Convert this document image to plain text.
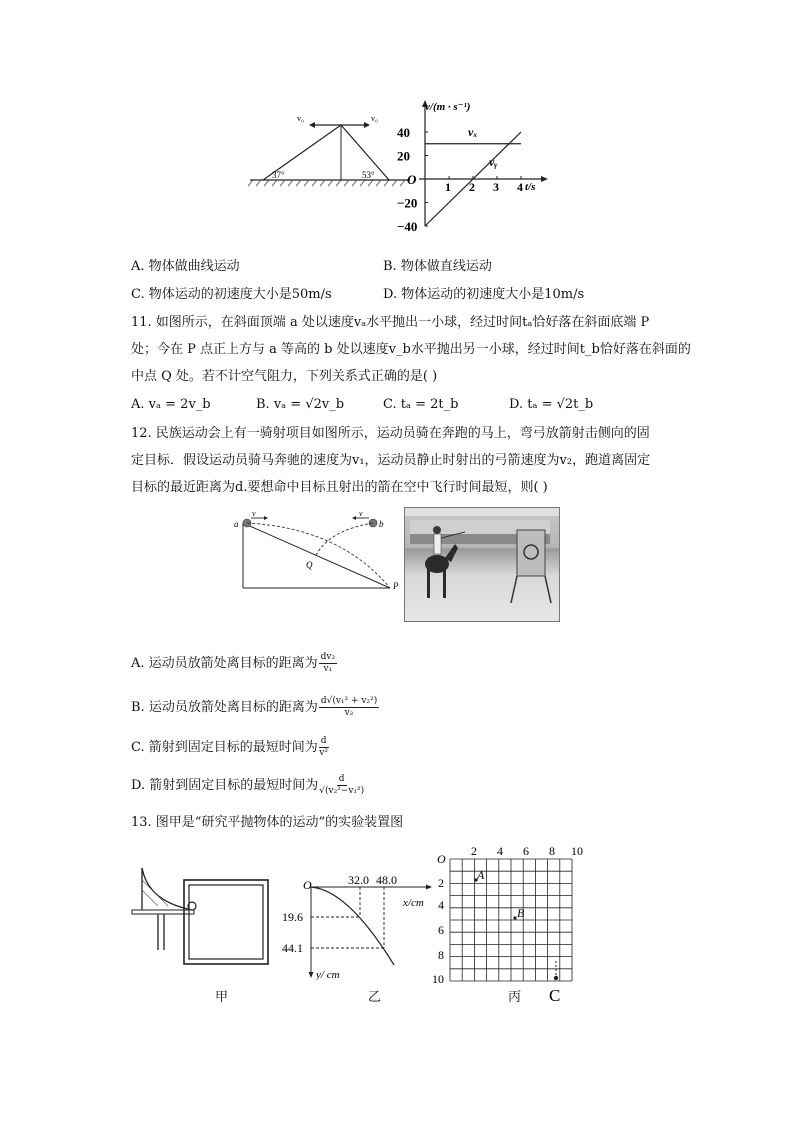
v₀	v₀
37°	53°
v/(m · s⁻¹)
t/s
O
40
20
−20
−40
1 2 3 4
vₓ
vᵧ
A. 物体做曲线运动	B. 物体做直线运动
C. 物体运动的初速度大小是50m/s	D. 物体运动的初速度大小是10m/s
11. 如图所示，在斜面顶端 a 处以速度vₐ水平抛出一小球，经过时间tₐ恰好落在斜面底端 P
处；今在 P 点正上方与 a 等高的 b 处以速度v_b水平抛出另一小球，经过时间t_b恰好落在斜面的
中点 Q 处。若不计空气阻力，下列关系式正确的是( )
A. vₐ = 2v_b	B. vₐ = √2v_b	C. tₐ = 2t_b	D. tₐ = √2t_b
12. 民族运动会上有一骑射项目如图所示，运动员骑在奔跑的马上，弯弓放箭射击侧向的固
定目标．假设运动员骑马奔驰的速度为v₁，运动员静止时射出的弓箭速度为v₂，跑道离固定
目标的最近距离为d.要想命中目标且射出的箭在空中飞行时间最短，则( )
a	b
v	v
Q
P
A. 运动员放箭处离目标的距离为 $\frac{\text{dv₂}}{\text{v₁}}$
B. 运动员放箭处离目标的距离为 $\frac{\text{d√(v₁² + v₂²)}}{\text{v₂}}$
C. 箭射到固定目标的最短时间为 $\frac{d}{\text{v²}}$
D. 箭射到固定目标的最短时间为 $\frac{d}{\text{√(v₂²−v₁²)}}$
13. 图甲是“研究平抛物体的运动”的实验装置图
甲
O	32.0 48.0
x/cm
19.6
44.1
y/ cm
乙
O
2 4 6 8 10
2
4
6
8
10
A
B
C
丙
